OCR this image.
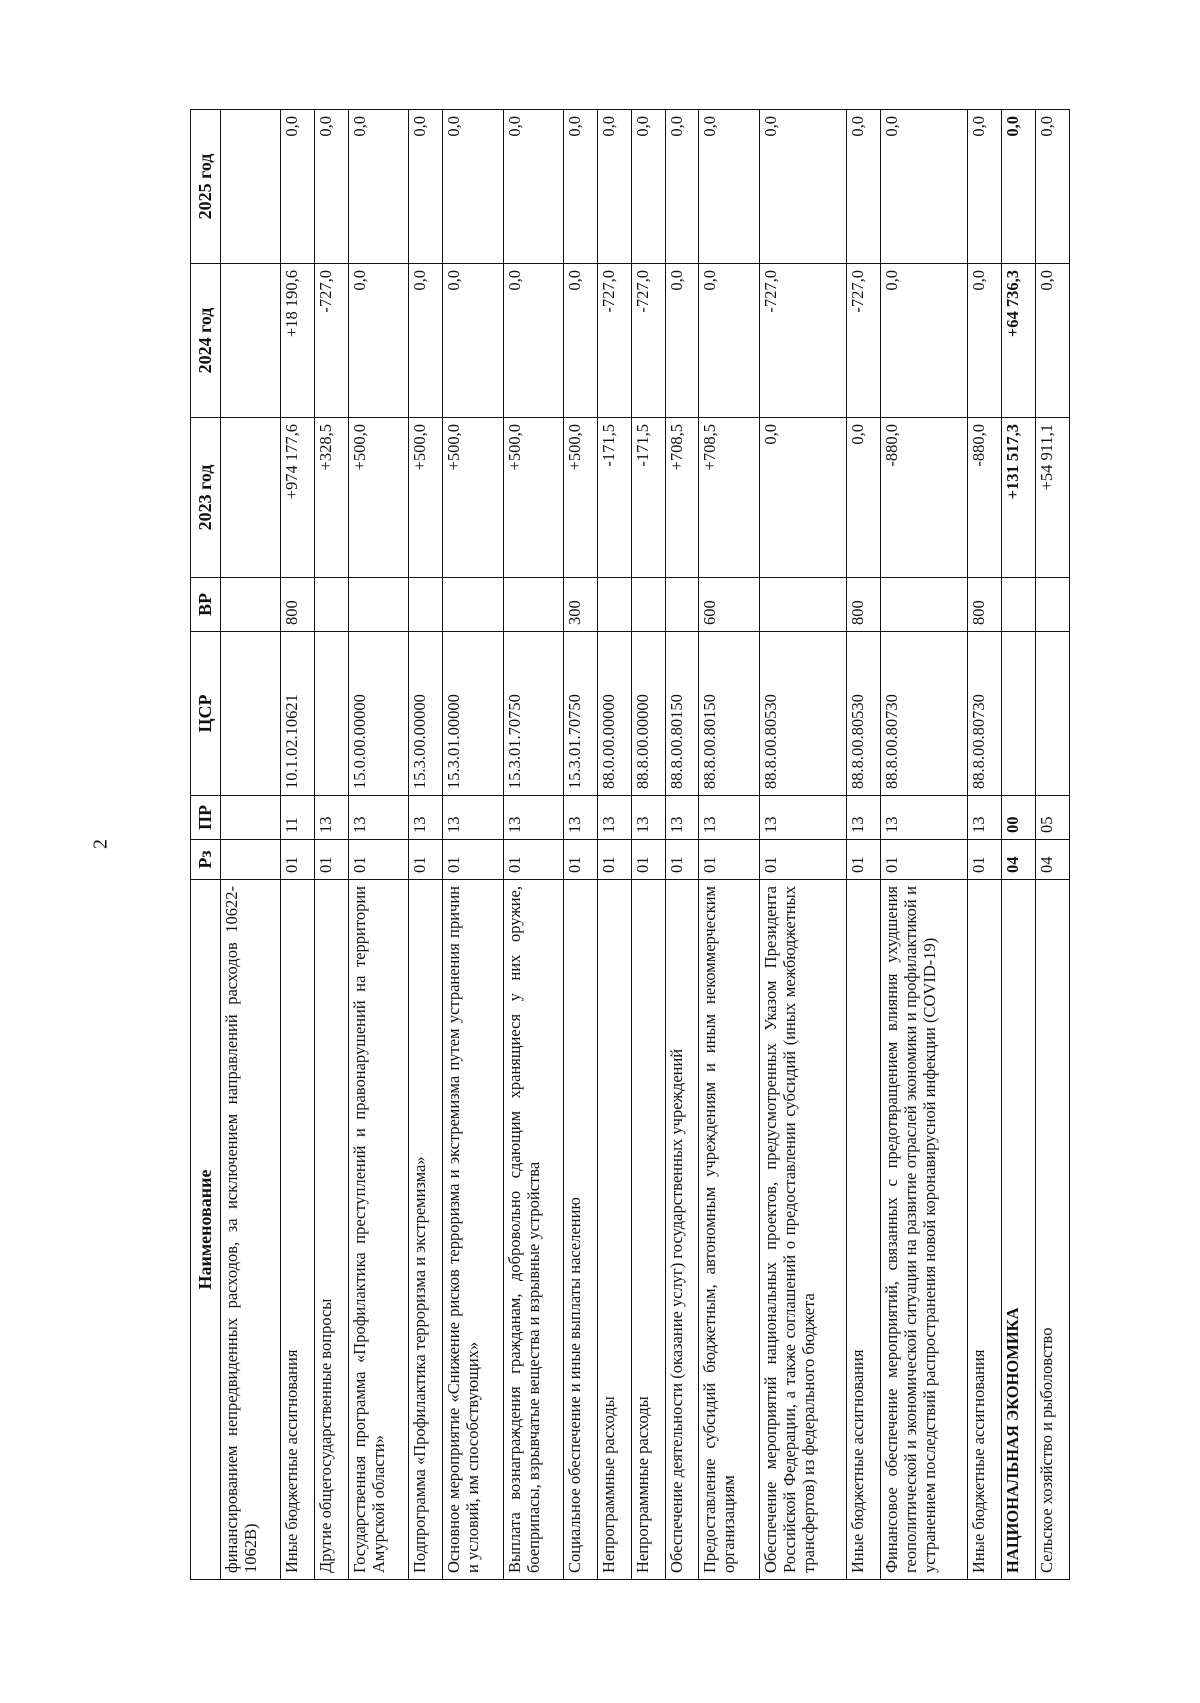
2
Наименование	Рз	ПР	ЦСР	ВР	2023 год	2024 год	2025 год
финансированием непредвиденных расходов, за исключением направлений расходов 10622-1062В)							
Иные бюджетные ассигнования	01	11	10.1.02.10621	800	+974 177,6	+18 190,6	0,0
Другие общегосударственные вопросы	01	13			+328,5	-727,0	0,0
Государственная программа «Профилактика преступлений и правонарушений на территории Амурской области»	01	13	15.0.00.00000		+500,0	0,0	0,0
Подпрограмма «Профилактика терроризма и экстремизма»	01	13	15.3.00.00000		+500,0	0,0	0,0
Основное мероприятие «Снижение рисков терроризма и экстремизма путем устранения причин и условий, им способствующих»	01	13	15.3.01.00000		+500,0	0,0	0,0
Выплата вознаграждения гражданам, добровольно сдающим хранящиеся у них оружие, боеприпасы, взрывчатые вещества и взрывные устройства	01	13	15.3.01.70750		+500,0	0,0	0,0
Социальное обеспечение и иные выплаты населению	01	13	15.3.01.70750	300	+500,0	0,0	0,0
Непрограммные расходы	01	13	88.0.00.00000		-171,5	-727,0	0,0
Непрограммные расходы	01	13	88.8.00.00000		-171,5	-727,0	0,0
Обеспечение деятельности (оказание услуг) государственных учреждений	01	13	88.8.00.80150		+708,5	0,0	0,0
Предоставление субсидий бюджетным, автономным учреждениям и иным некоммерческим организациям	01	13	88.8.00.80150	600	+708,5	0,0	0,0
Обеспечение мероприятий национальных проектов, предусмотренных Указом Президента Российской Федерации, а также соглашений о предоставлении субсидий (иных межбюджетных трансфертов) из федерального бюджета	01	13	88.8.00.80530		0,0	-727,0	0,0
Иные бюджетные ассигнования	01	13	88.8.00.80530	800	0,0	-727,0	0,0
Финансовое обеспечение мероприятий, связанных с предотвращением влияния ухудшения геополитической и экономической ситуации на развитие отраслей экономики и профилактикой и устранением последствий распространения новой коронавирусной инфекции (COVID-19)	01	13	88.8.00.80730		-880,0	0,0	0,0
Иные бюджетные ассигнования	01	13	88.8.00.80730	800	-880,0	0,0	0,0
НАЦИОНАЛЬНАЯ ЭКОНОМИКА	04	00			+131 517,3	+64 736,3	0,0
Сельское хозяйство и рыболовство	04	05			+54 911,1	0,0	0,0
